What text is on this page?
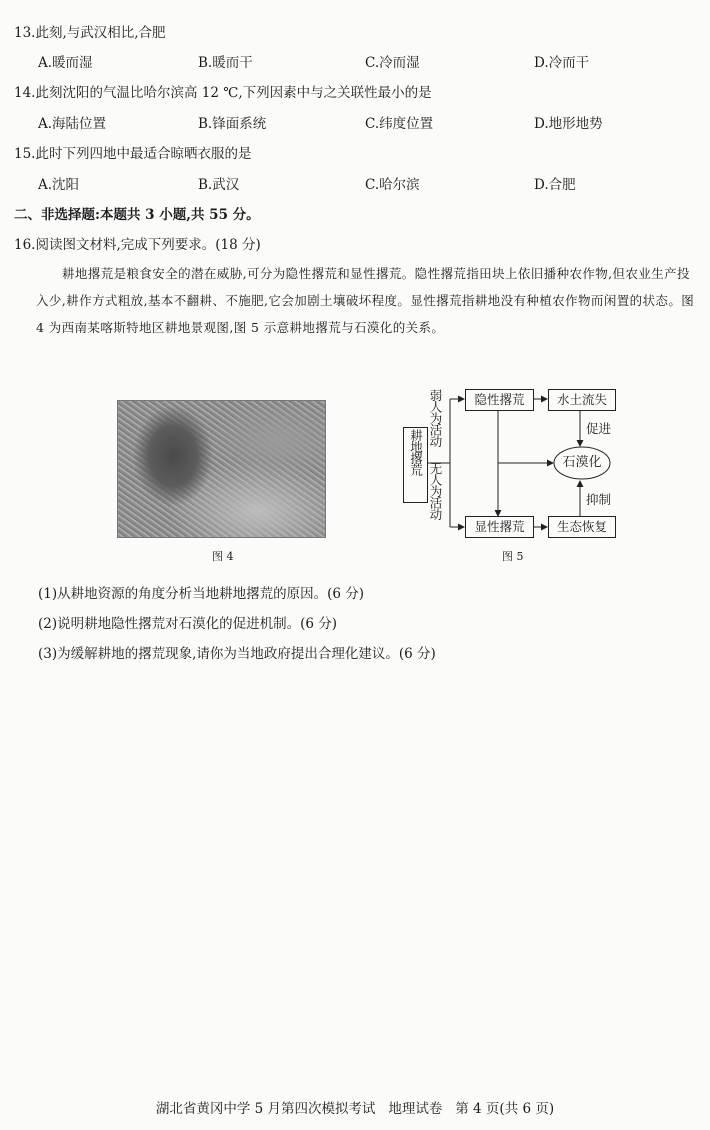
13.此刻,与武汉相比,合肥
A.暖而湿	B.暖而干	C.冷而湿	D.冷而干
14.此刻沈阳的气温比哈尔滨高 12 ℃,下列因素中与之关联性最小的是
A.海陆位置	B.锋面系统	C.纬度位置	D.地形地势
15.此时下列四地中最适合晾晒衣服的是
A.沈阳	B.武汉	C.哈尔滨	D.合肥
二、非选择题:本题共 3 小题,共 55 分。
16.阅读图文材料,完成下列要求。(18 分)
耕地撂荒是粮食安全的潜在威胁,可分为隐性撂荒和显性撂荒。隐性撂荒指田块上依旧播种农作物,但农业生产投入少,耕作方式粗放,基本不翻耕、不施肥,它会加剧土壤破坏程度。显性撂荒指耕地没有种植农作物而闲置的状态。图 4 为西南某喀斯特地区耕地景观图,图 5 示意耕地撂荒与石漠化的关系。
图 4
耕地撂荒
弱人为活动
无人为活动
隐性撂荒
显性撂荒
水土流失
生态恢复
石漠化
促进
抑制
图 5
(1)从耕地资源的角度分析当地耕地撂荒的原因。(6 分)
(2)说明耕地隐性撂荒对石漠化的促进机制。(6 分)
(3)为缓解耕地的撂荒现象,请你为当地政府提出合理化建议。(6 分)
湖北省黄冈中学 5 月第四次模拟考试   地理试卷   第 4 页(共 6 页)
